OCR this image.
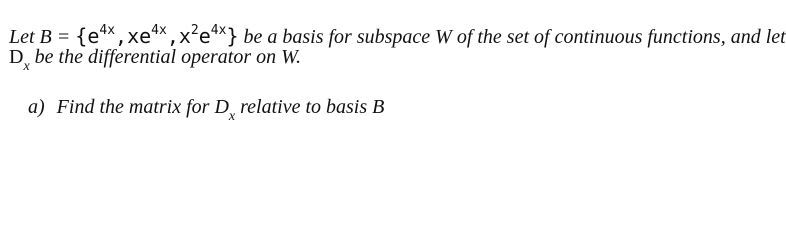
Let $B = \{e^{4x},xe^{4x},x^2e^{4x}\}$ be a basis for subspace W of the set of continuous functions, and let
$D_x$ be the differential operator on W.
a) Find the matrix for $D_x$ relative to basis B
